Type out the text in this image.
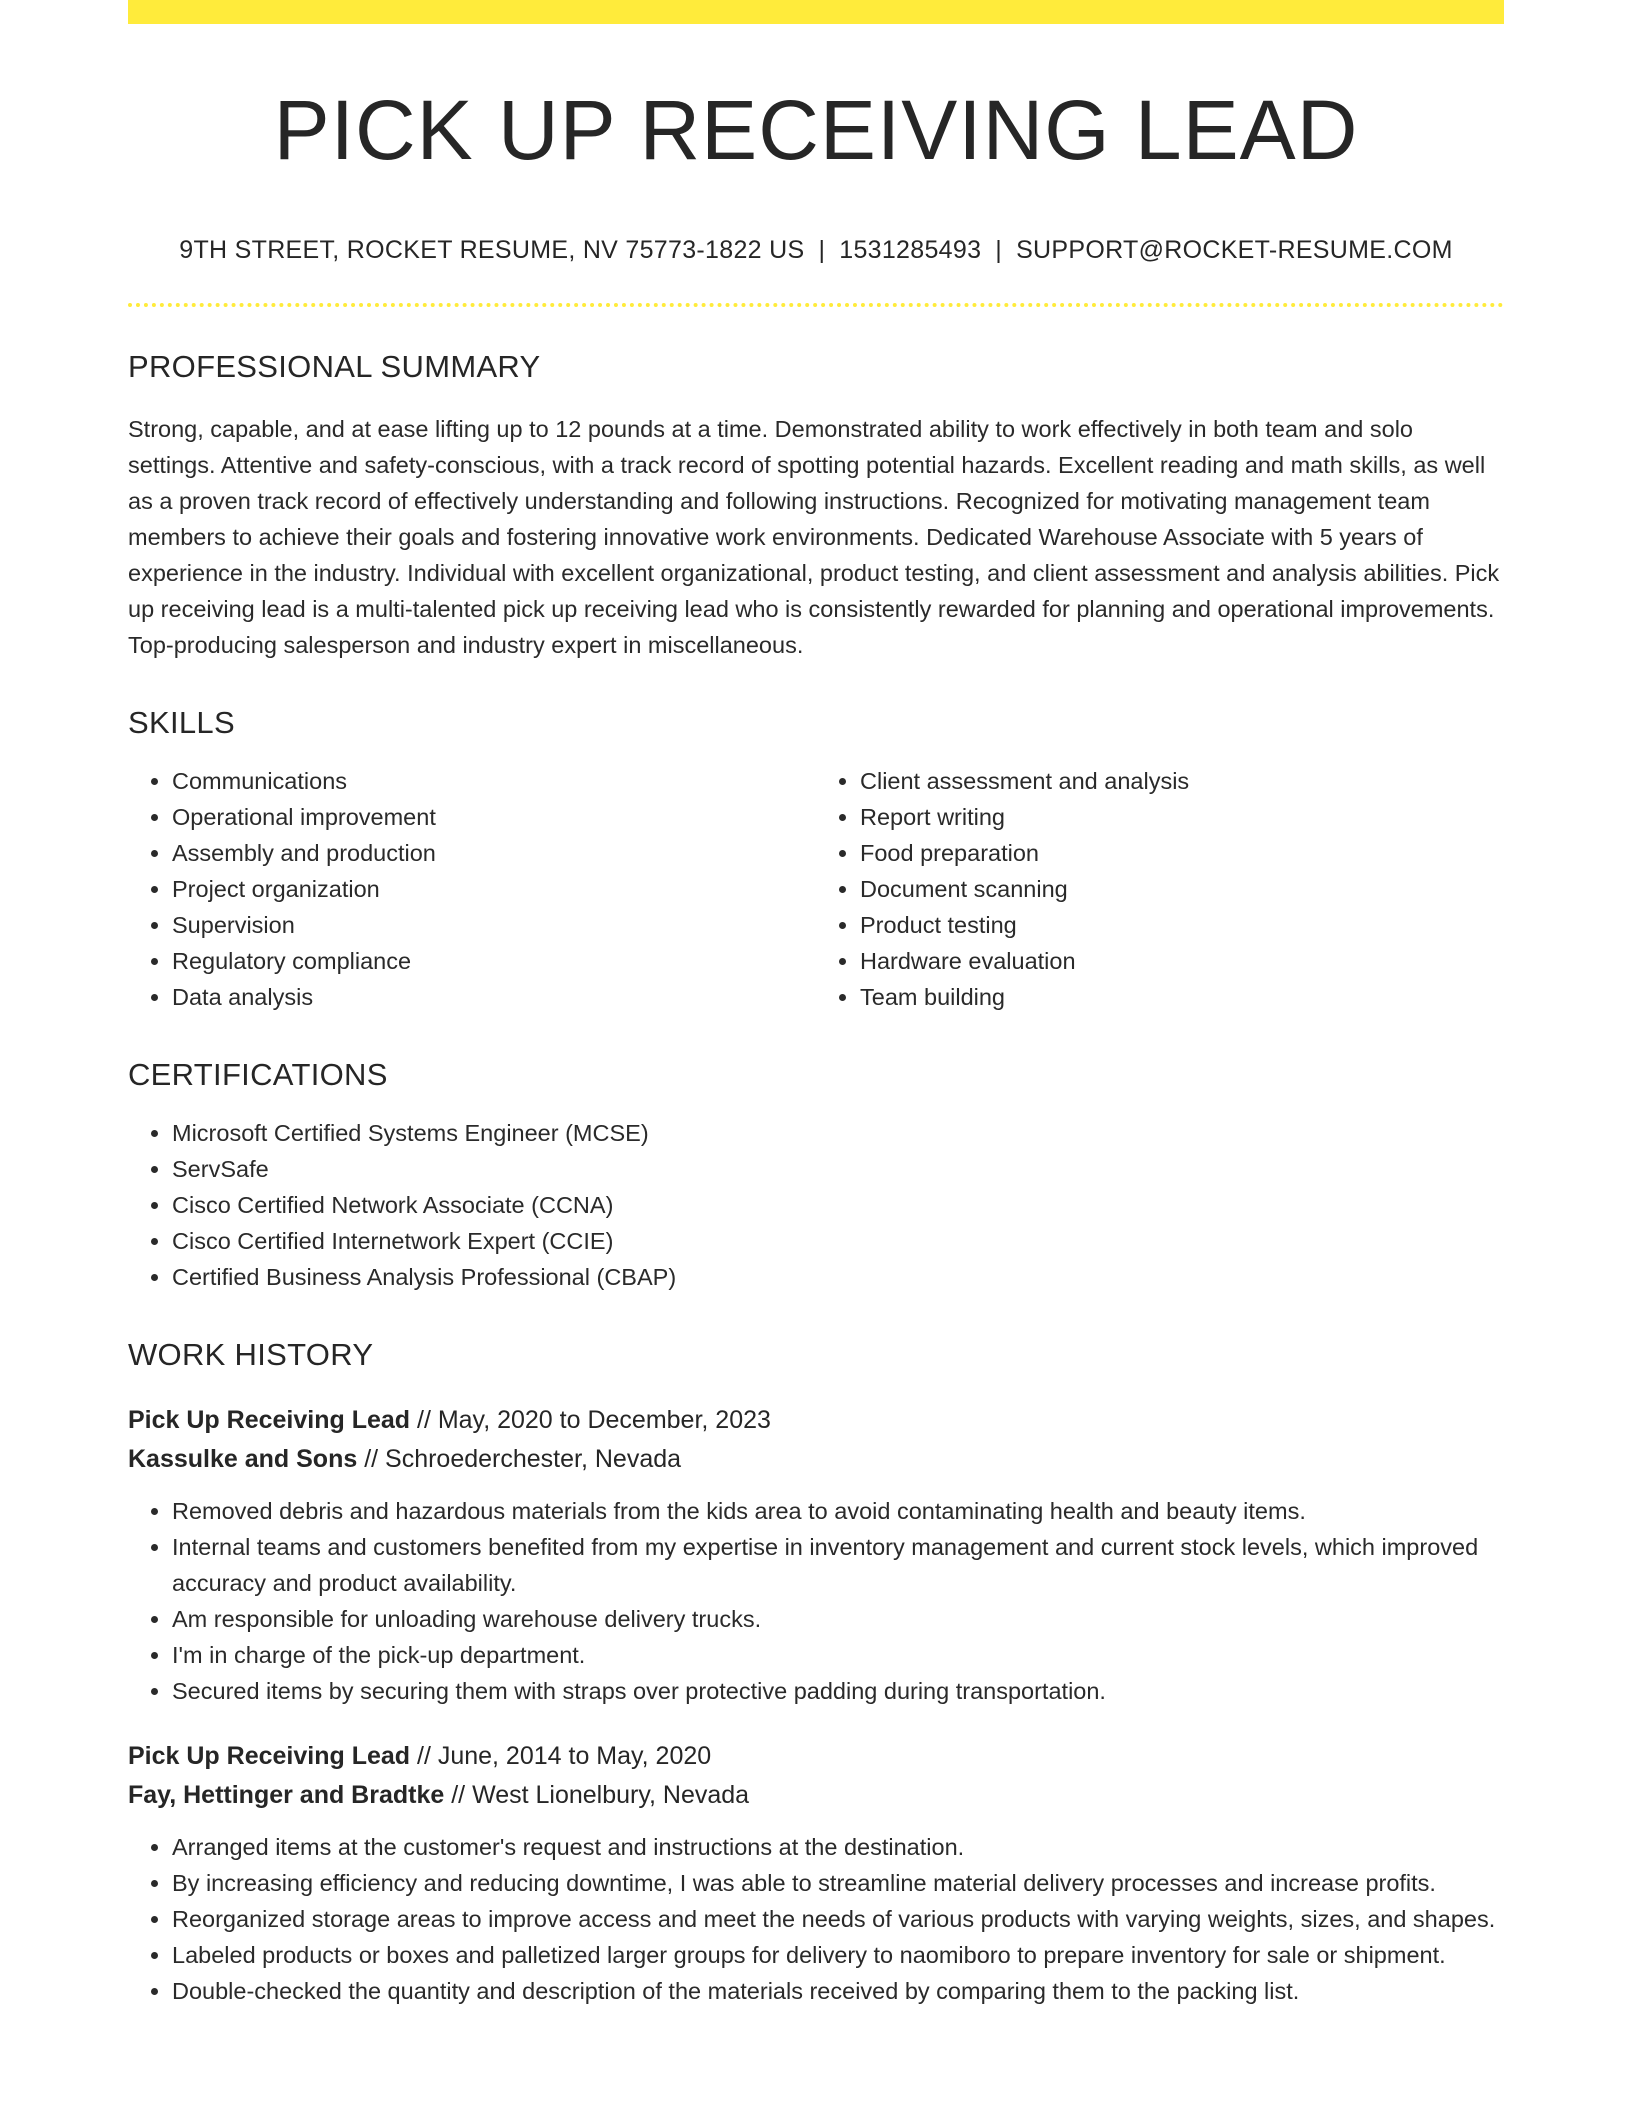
PICK UP RECEIVING LEAD
9TH STREET, ROCKET RESUME, NV 75773-1822 US | 1531285493 | SUPPORT@ROCKET-RESUME.COM
PROFESSIONAL SUMMARY

Strong, capable, and at ease lifting up to 12 pounds at a time. Demonstrated ability to work effectively in both team and solo settings. Attentive and safety-conscious, with a track record of spotting potential hazards. Excellent reading and math skills, as well as a proven track record of effectively understanding and following instructions. Recognized for motivating management team members to achieve their goals and fostering innovative work environments. Dedicated Warehouse Associate with 5 years of experience in the industry. Individual with excellent organizational, product testing, and client assessment and analysis abilities. Pick up receiving lead is a multi-talented pick up receiving lead who is consistently rewarded for planning and operational improvements. Top-producing salesperson and industry expert in miscellaneous.

SKILLS
• Communications
• Operational improvement
• Assembly and production
• Project organization
• Supervision
• Regulatory compliance
• Data analysis
• Client assessment and analysis
• Report writing
• Food preparation
• Document scanning
• Product testing
• Hardware evaluation
• Team building
CERTIFICATIONS
• Microsoft Certified Systems Engineer (MCSE)
• ServSafe
• Cisco Certified Network Associate (CCNA)
• Cisco Certified Internetwork Expert (CCIE)
• Certified Business Analysis Professional (CBAP)
WORK HISTORY
Pick Up Receiving Lead // May, 2020 to December, 2023
Kassulke and Sons // Schroederchester, Nevada
• Removed debris and hazardous materials from the kids area to avoid contaminating health and beauty items.
• Internal teams and customers benefited from my expertise in inventory management and current stock levels, which improved accuracy and product availability.
• Am responsible for unloading warehouse delivery trucks.
• I'm in charge of the pick-up department.
• Secured items by securing them with straps over protective padding during transportation.
Pick Up Receiving Lead // June, 2014 to May, 2020
Fay, Hettinger and Bradtke // West Lionelbury, Nevada
• Arranged items at the customer's request and instructions at the destination.
• By increasing efficiency and reducing downtime, I was able to streamline material delivery processes and increase profits.
• Reorganized storage areas to improve access and meet the needs of various products with varying weights, sizes, and shapes.
• Labeled products or boxes and palletized larger groups for delivery to naomiboro to prepare inventory for sale or shipment.
• Double-checked the quantity and description of the materials received by comparing them to the packing list.
